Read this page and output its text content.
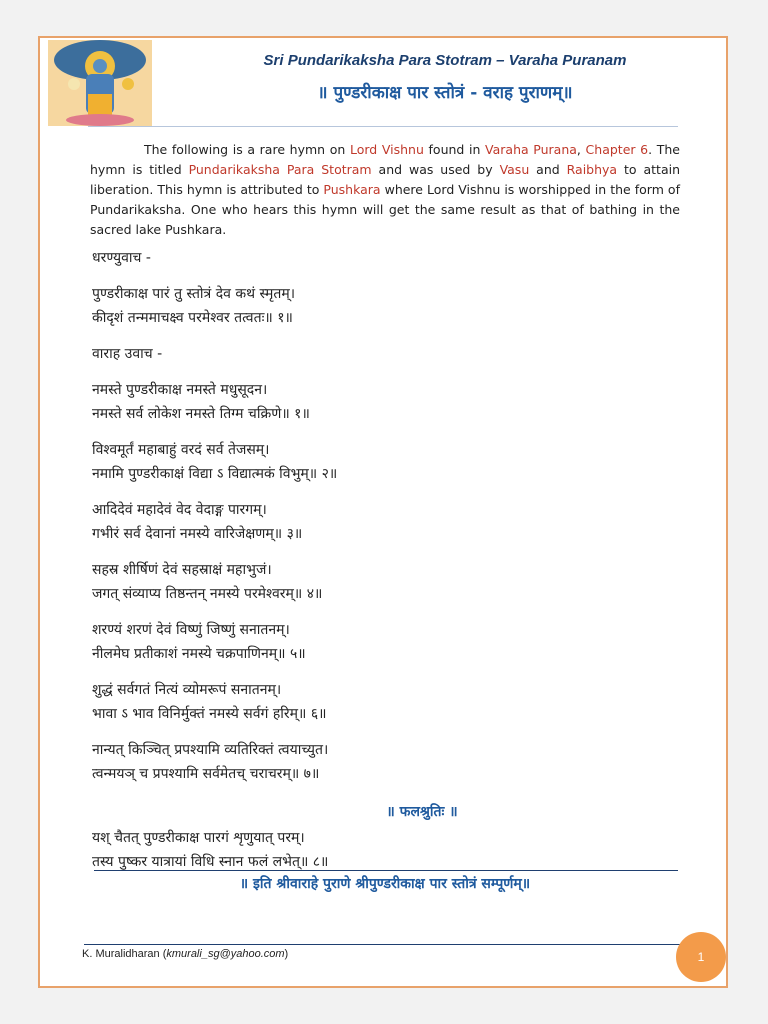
Sri Pundarikaksha Para Stotram – Varaha Puranam
॥ पुण्डरीकाक्ष पार स्तोत्रं - वराह पुराणम्॥
The following is a rare hymn on Lord Vishnu found in Varaha Purana, Chapter 6. The hymn is titled Pundarikaksha Para Stotram and was used by Vasu and Raibhya to attain liberation. This hymn is attributed to Pushkara where Lord Vishnu is worshipped in the form of Pundarikaksha. One who hears this hymn will get the same result as that of bathing in the sacred lake Pushkara.
धरण्युवाच -
पुण्डरीकाक्ष पारं तु स्तोत्रं देव कथं स्मृतम्।
कीदृशं तन्ममाचक्ष्व परमेश्वर तत्वतः॥ १॥
वाराह उवाच -
नमस्ते पुण्डरीकाक्ष नमस्ते मधुसूदन।
नमस्ते सर्व लोकेश नमस्ते तिग्म चक्रिणे॥ १॥
विश्वमूर्तं महाबाहुं वरदं सर्व तेजसम्।
नमामि पुण्डरीकाक्षं विद्या ऽ विद्यात्मकं विभुम्॥ २॥
आदिदेवं महादेवं वेद वेदाङ्ग पारगम्।
गभीरं सर्व देवानां नमस्ये वारिजेक्षणम्॥ ३॥
सहस्र शीर्षिणं देवं सहस्राक्षं महाभुजं।
जगत् संव्याप्य तिष्ठन्तन् नमस्ये परमेश्वरम्॥ ४॥
शरण्यं शरणं देवं विष्णुं जिष्णुं सनातनम्।
नीलमेघ प्रतीकाशं नमस्ये चक्रपाणिनम्॥ ५॥
शुद्धं सर्वगतं नित्यं व्योमरूपं सनातनम्।
भावा ऽ भाव विनिर्मुक्तं नमस्ये सर्वगं हरिम्॥ ६॥
नान्यत् किञ्चित् प्रपश्यामि व्यतिरिक्तं त्वयाच्युत।
त्वन्मयञ् च प्रपश्यामि सर्वमेतच् चराचरम्॥ ७॥
॥ फलश्रुतिः ॥
यश् चैतत् पुण्डरीकाक्ष पारगं शृणुयात् परम्।
तस्य पुष्कर यात्रायां विधि स्नान फलं लभेत्॥ ८॥
॥ इति श्रीवाराहे पुराणे श्रीपुण्डरीकाक्ष पार स्तोत्रं सम्पूर्णम्॥
K. Muralidharan (kmurali_sg@yahoo.com)	1
